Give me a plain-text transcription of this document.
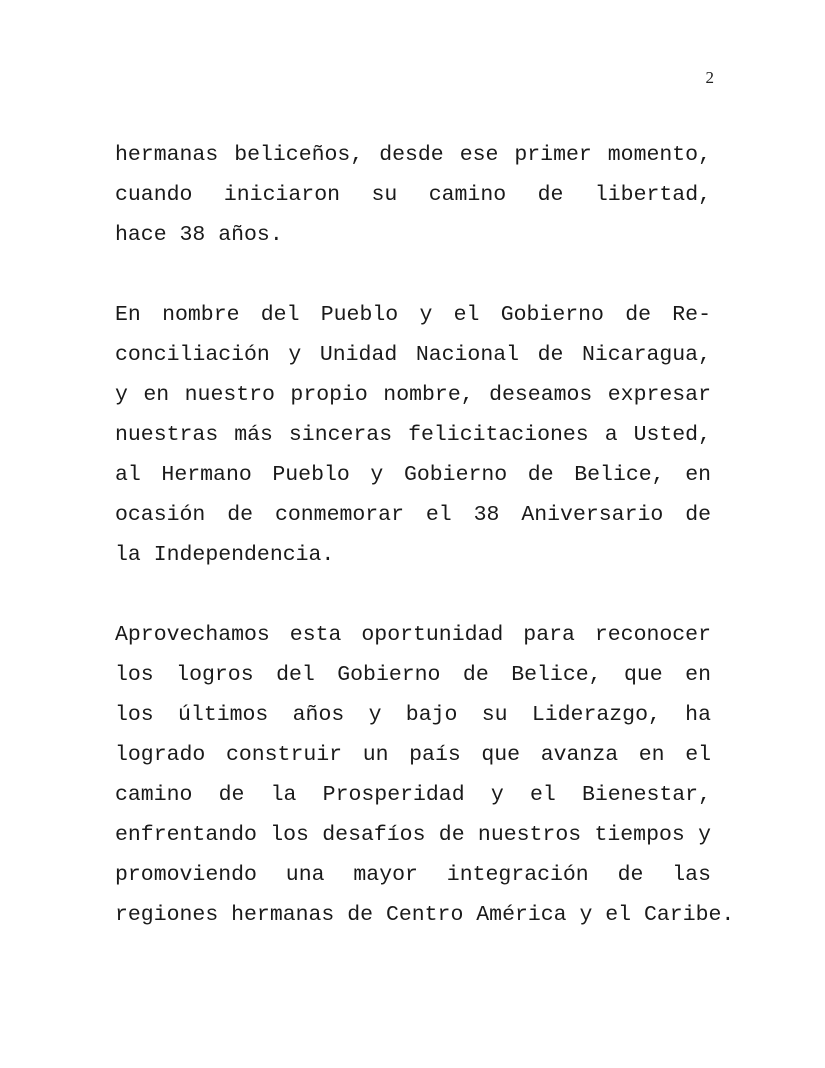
2
hermanas beliceños, desde ese primer momento,
cuando iniciaron su camino de libertad,
hace 38 años.
En nombre del Pueblo y el Gobierno de Re-
conciliación y Unidad Nacional de Nicaragua,
y en nuestro propio nombre, deseamos expresar
nuestras más sinceras felicitaciones a Usted,
al Hermano Pueblo y Gobierno de Belice, en
ocasión de conmemorar el 38 Aniversario de
la Independencia.
Aprovechamos esta oportunidad para reconocer
los logros del Gobierno de Belice, que en
los últimos años y bajo su Liderazgo, ha
logrado construir un país que avanza en el
camino de la Prosperidad y el Bienestar,
enfrentando los desafíos de nuestros tiempos y
promoviendo una mayor integración de las
regiones hermanas de Centro América y el Caribe.
